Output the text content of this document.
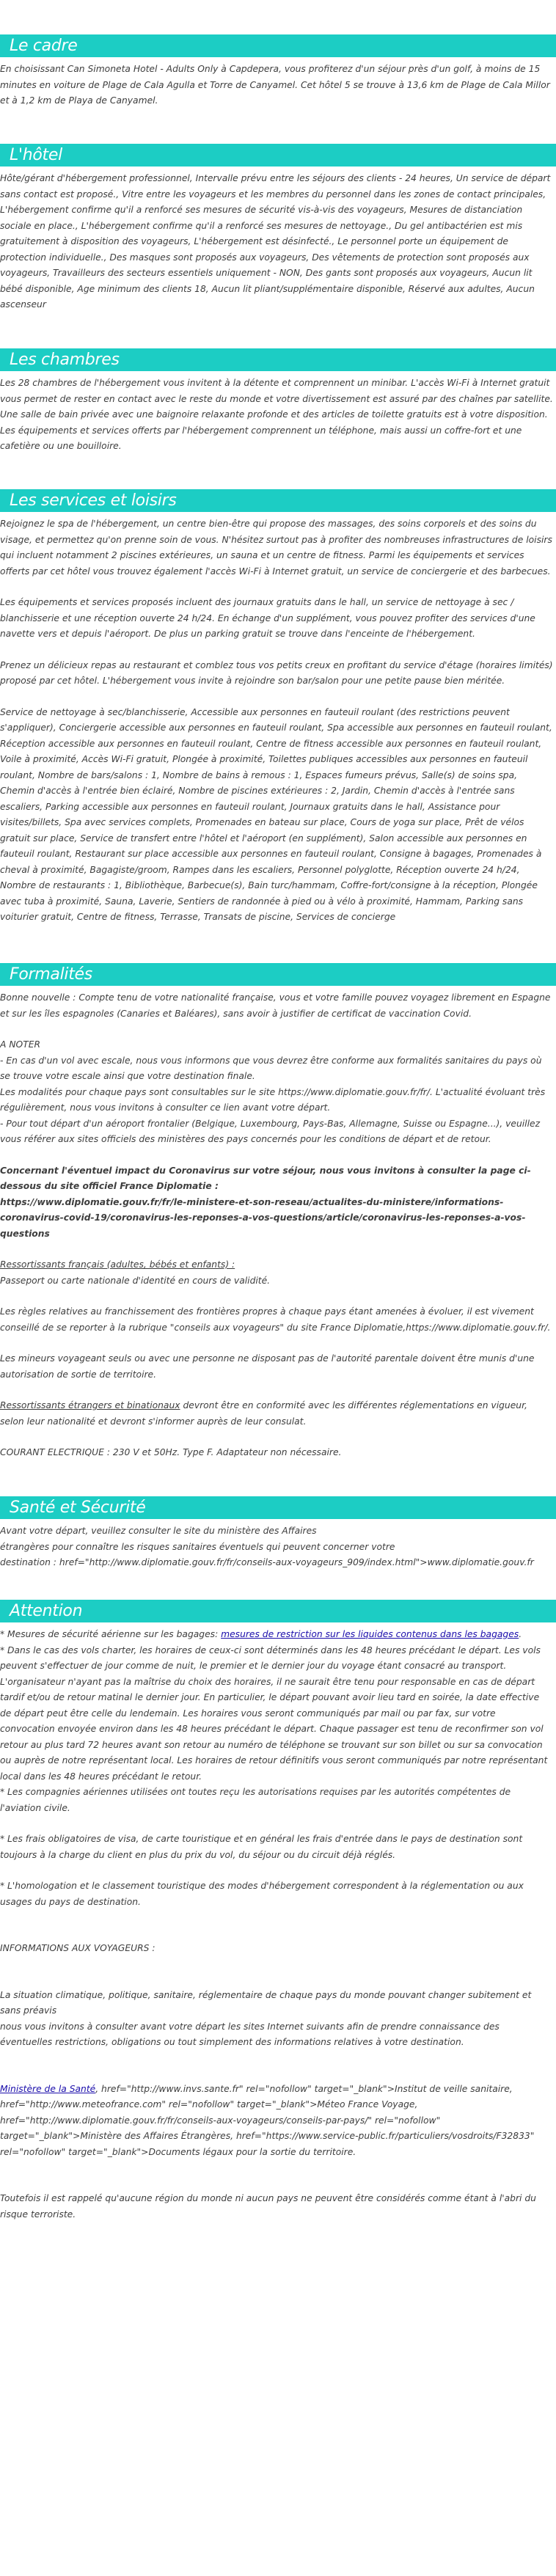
Le cadre

En choisissant Can Simoneta Hotel - Adults Only à Capdepera, vous profiterez d'un séjour près d'un golf, à moins de 15 minutes en voiture de Plage de Cala Agulla et Torre de Canyamel. Cet hôtel 5 se trouve à 13,6 km de Plage de Cala Millor et à 1,2 km de Playa de Canyamel.

L'hôtel

Hôte/gérant d'hébergement professionnel, Intervalle prévu entre les séjours des clients - 24 heures, Un service de départ sans contact est proposé., Vitre entre les voyageurs et les membres du personnel dans les zones de contact principales, L'hébergement confirme qu'il a renforcé ses mesures de sécurité vis-à-vis des voyageurs, Mesures de distanciation sociale en place., L'hébergement confirme qu'il a renforcé ses mesures de nettoyage., Du gel antibactérien est mis gratuitement à disposition des voyageurs, L'hébergement est désinfecté., Le personnel porte un équipement de protection individuelle., Des masques sont proposés aux voyageurs, Des vêtements de protection sont proposés aux voyageurs, Travailleurs des secteurs essentiels uniquement - NON, Des gants sont proposés aux voyageurs, Aucun lit bébé disponible, Age minimum des clients 18, Aucun lit pliant/supplémentaire disponible, Réservé aux adultes, Aucun ascenseur

Les chambres

Les 28 chambres de l'hébergement vous invitent à la détente et comprennent un minibar. L'accès Wi-Fi à Internet gratuit vous permet de rester en contact avec le reste du monde et votre divertissement est assuré par des chaînes par satellite. Une salle de bain privée avec une baignoire relaxante profonde et des articles de toilette gratuits est à votre disposition. Les équipements et services offerts par l'hébergement comprennent un téléphone, mais aussi un coffre-fort et une cafetière ou une bouilloire.

Les services et loisirs

Rejoignez le spa de l'hébergement, un centre bien-être qui propose des massages, des soins corporels et des soins du visage, et permettez qu'on prenne soin de vous. N'hésitez surtout pas à profiter des nombreuses infrastructures de loisirs qui incluent notamment 2 piscines extérieures, un sauna et un centre de fitness. Parmi les équipements et services offerts par cet hôtel vous trouvez également l'accès Wi-Fi à Internet gratuit, un service de conciergerie et des barbecues.

Les équipements et services proposés incluent des journaux gratuits dans le hall, un service de nettoyage à sec / blanchisserie et une réception ouverte 24 h/24. En échange d'un supplément, vous pouvez profiter des services d'une navette vers et depuis l'aéroport. De plus un parking gratuit se trouve dans l'enceinte de l'hébergement.

Prenez un délicieux repas au restaurant et comblez tous vos petits creux en profitant du service d'étage (horaires limités) proposé par cet hôtel. L'hébergement vous invite à rejoindre son bar/salon pour une petite pause bien méritée.

Service de nettoyage à sec/blanchisserie, Accessible aux personnes en fauteuil roulant (des restrictions peuvent s'appliquer), Conciergerie accessible aux personnes en fauteuil roulant, Spa accessible aux personnes en fauteuil roulant, Réception accessible aux personnes en fauteuil roulant, Centre de fitness accessible aux personnes en fauteuil roulant, Voile à proximité, Accès Wi-Fi gratuit, Plongée à proximité, Toilettes publiques accessibles aux personnes en fauteuil roulant, Nombre de bars/salons : 1, Nombre de bains à remous : 1, Espaces fumeurs prévus, Salle(s) de soins spa, Chemin d'accès à l'entrée bien éclairé, Nombre de piscines extérieures : 2, Jardin, Chemin d'accès à l'entrée sans escaliers, Parking accessible aux personnes en fauteuil roulant, Journaux gratuits dans le hall, Assistance pour visites/billets, Spa avec services complets, Promenades en bateau sur place, Cours de yoga sur place, Prêt de vélos gratuit sur place, Service de transfert entre l'hôtel et l'aéroport (en supplément), Salon accessible aux personnes en fauteuil roulant, Restaurant sur place accessible aux personnes en fauteuil roulant, Consigne à bagages, Promenades à cheval à proximité, Bagagiste/groom, Rampes dans les escaliers, Personnel polyglotte, Réception ouverte 24 h/24, Nombre de restaurants : 1, Bibliothèque, Barbecue(s), Bain turc/hammam, Coffre-fort/consigne à la réception, Plongée avec tuba à proximité, Sauna, Laverie, Sentiers de randonnée à pied ou à vélo à proximité, Hammam, Parking sans voiturier gratuit, Centre de fitness, Terrasse, Transats de piscine, Services de concierge

Formalités

Bonne nouvelle : Compte tenu de votre nationalité française, vous et votre famille pouvez voyagez librement en Espagne et sur les îles espagnoles (Canaries et Baléares), sans avoir à justifier de certificat de vaccination Covid.

A NOTER

- En cas d'un vol avec escale, nous vous informons que vous devrez être conforme aux formalités sanitaires du pays où se trouve votre escale ainsi que votre destination finale.

Les modalités pour chaque pays sont consultables sur le site https://www.diplomatie.gouv.fr/fr/. L'actualité évoluant très régulièrement, nous vous invitons à consulter ce lien avant votre départ.

- Pour tout départ d'un aéroport frontalier (Belgique, Luxembourg, Pays-Bas, Allemagne, Suisse ou Espagne...), veuillez vous référer aux sites officiels des ministères des pays concernés pour les conditions de départ et de retour.

Concernant l'éventuel impact du Coronavirus sur votre séjour, nous vous invitons à consulter la page ci-dessous du site officiel France Diplomatie :

https://www.diplomatie.gouv.fr/fr/le-ministere-et-son-reseau/actualites-du-ministere/informations-coronavirus-covid-19/coronavirus-les-reponses-a-vos-questions/article/coronavirus-les-reponses-a-vos-questions

Ressortissants français (adultes, bébés et enfants) :

Passeport ou carte nationale d'identité en cours de validité.

Les règles relatives au franchissement des frontières propres à chaque pays étant amenées à évoluer, il est vivement conseillé de se reporter à la rubrique "conseils aux voyageurs" du site France Diplomatie,https://www.diplomatie.gouv.fr/.

Les mineurs voyageant seuls ou avec une personne ne disposant pas de l'autorité parentale doivent être munis d'une autorisation de sortie de territoire.

Ressortissants étrangers et binationaux devront être en conformité avec les différentes réglementations en vigueur, selon leur nationalité et devront s'informer auprès de leur consulat.

COURANT ELECTRIQUE : 230 V et 50Hz. Type F. Adaptateur non nécessaire.

Santé et Sécurité

Avant votre départ, veuillez consulter le site du ministère des Affaires

étrangères pour connaître les risques sanitaires éventuels qui peuvent concerner votre

destination : href="http://www.diplomatie.gouv.fr/fr/conseils-aux-voyageurs_909/index.html">www.diplomatie.gouv.fr

Attention

* Mesures de sécurité aérienne sur les bagages: mesures de restriction sur les liquides contenus dans les bagages.

* Dans le cas des vols charter, les horaires de ceux-ci sont déterminés dans les 48 heures précédant le départ. Les vols peuvent s'effectuer de jour comme de nuit, le premier et le dernier jour du voyage étant consacré au transport. L'organisateur n'ayant pas la maîtrise du choix des horaires, il ne saurait être tenu pour responsable en cas de départ tardif et/ou de retour matinal le dernier jour. En particulier, le départ pouvant avoir lieu tard en soirée, la date effective de départ peut être celle du lendemain. Les horaires vous seront communiqués par mail ou par fax, sur votre convocation envoyée environ dans les 48 heures précédant le départ. Chaque passager est tenu de reconfirmer son vol retour au plus tard 72 heures avant son retour au numéro de téléphone se trouvant sur son billet ou sur sa convocation ou auprès de notre représentant local. Les horaires de retour définitifs vous seront communiqués par notre représentant local dans les 48 heures précédant le retour.

* Les compagnies aériennes utilisées ont toutes reçu les autorisations requises par les autorités compétentes de l'aviation civile.

* Les frais obligatoires de visa, de carte touristique et en général les frais d'entrée dans le pays de destination sont toujours à la charge du client en plus du prix du vol, du séjour ou du circuit déjà réglés.

* L'homologation et le classement touristique des modes d'hébergement correspondent à la réglementation ou aux usages du pays de destination.

INFORMATIONS AUX VOYAGEURS :

La situation climatique, politique, sanitaire, réglementaire de chaque pays du monde pouvant changer subitement et sans préavis

nous vous invitons à consulter avant votre départ les sites Internet suivants afin de prendre connaissance des éventuelles restrictions, obligations ou tout simplement des informations relatives à votre destination.

Ministère de la Santé, href="http://www.invs.sante.fr" rel="nofollow" target="_blank">Institut de veille sanitaire, href="http://www.meteofrance.com" rel="nofollow" target="_blank">Méteo France Voyage, href="http://www.diplomatie.gouv.fr/fr/conseils-aux-voyageurs/conseils-par-pays/" rel="nofollow" target="_blank">Ministère des Affaires Étrangères, href="https://www.service-public.fr/particuliers/vosdroits/F32833" rel="nofollow" target="_blank">Documents légaux pour la sortie du territoire.

Toutefois il est rappelé qu'aucune région du monde ni aucun pays ne peuvent être considérés comme étant à l'abri du risque terroriste.
